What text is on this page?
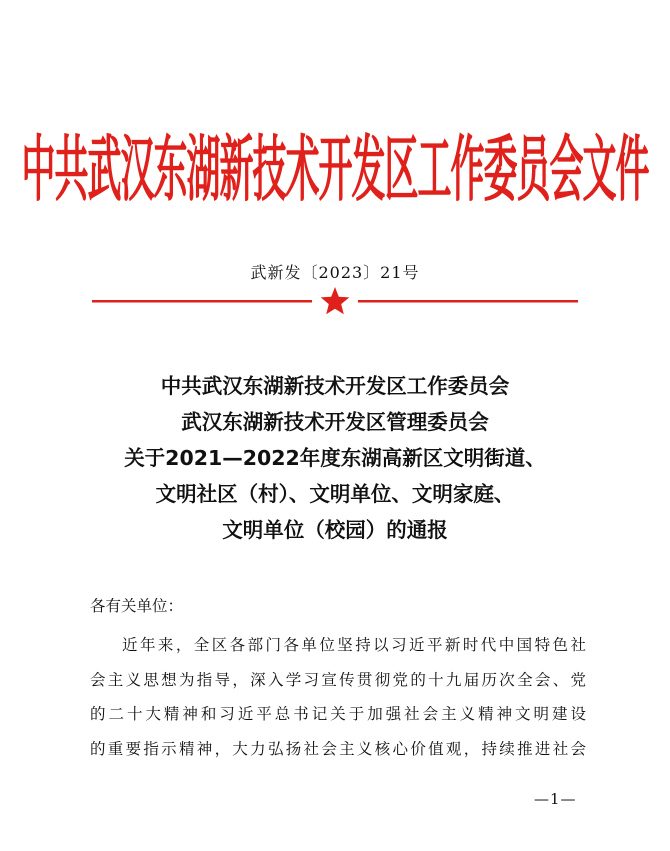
中共武汉东湖新技术开发区工作委员会文件
武新发〔2023〕21号
中共武汉东湖新技术开发区工作委员会
武汉东湖新技术开发区管理委员会
关于2021—2022年度东湖高新区文明街道、
文明社区（村）、文明单位、文明家庭、
文明单位（校园）的通报
各有关单位：
近年来，全区各部门各单位坚持以习近平新时代中国特色社
会主义思想为指导，深入学习宣传贯彻党的十九届历次全会、党
的二十大精神和习近平总书记关于加强社会主义精神文明建设
的重要指示精神，大力弘扬社会主义核心价值观，持续推进社会
—1—
